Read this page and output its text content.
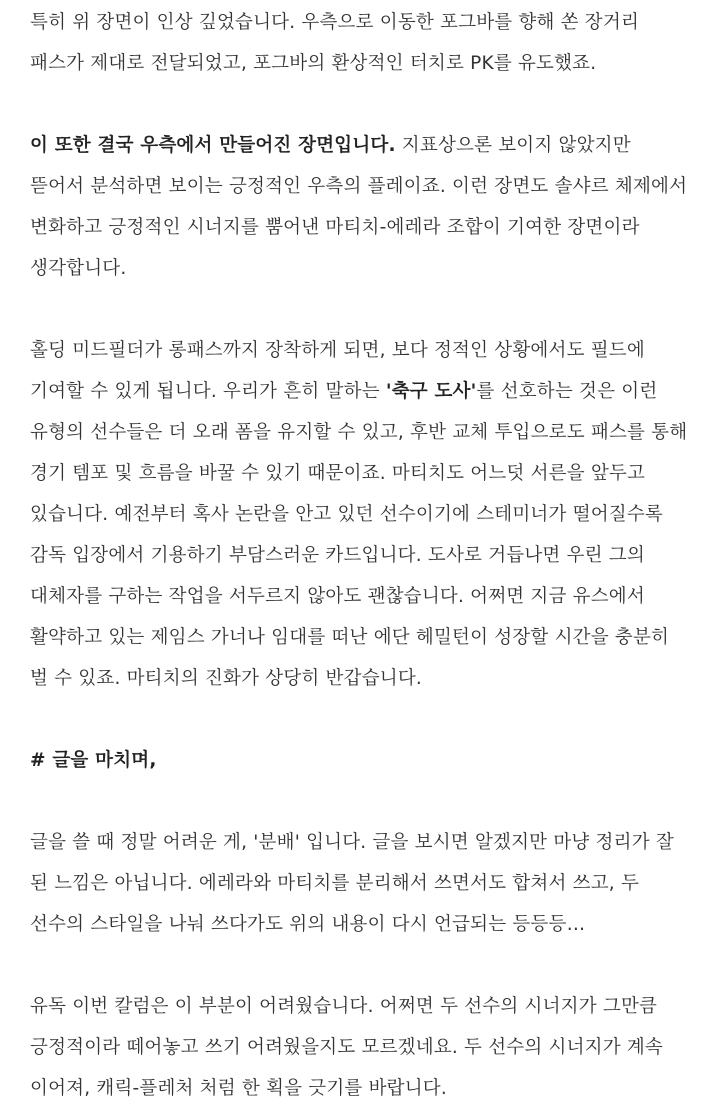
특히 위 장면이 인상 깊었습니다. 우측으로 이동한 포그바를 향해 쏜 장거리 패스가 제대로 전달되었고, 포그바의 환상적인 터치로 PK를 유도했죠.

이 또한 결국 우측에서 만들어진 장면입니다. 지표상으론 보이지 않았지만 뜯어서 분석하면 보이는 긍정적인 우측의 플레이죠. 이런 장면도 솔샤르 체제에서 변화하고 긍정적인 시너지를 뿜어낸 마티치-에레라 조합이 기여한 장면이라 생각합니다.

홀딩 미드필더가 롱패스까지 장착하게 되면, 보다 정적인 상황에서도 필드에 기여할 수 있게 됩니다. 우리가 흔히 말하는 '축구 도사'를 선호하는 것은 이런 유형의 선수들은 더 오래 폼을 유지할 수 있고, 후반 교체 투입으로도 패스를 통해 경기 템포 및 흐름을 바꿀 수 있기 때문이죠. 마티치도 어느덧 서른을 앞두고 있습니다. 예전부터 혹사 논란을 안고 있던 선수이기에 스테미너가 떨어질수록 감독 입장에서 기용하기 부담스러운 카드입니다. 도사로 거듭나면 우린 그의 대체자를 구하는 작업을 서두르지 않아도 괜찮습니다. 어쩌면 지금 유스에서 활약하고 있는 제임스 가너나 임대를 떠난 에단 헤밀턴이 성장할 시간을 충분히 벌 수 있죠. 마티치의 진화가 상당히 반갑습니다.

# 글을 마치며,

글을 쓸 때 정말 어려운 게, '분배' 입니다. 글을 보시면 알겠지만 마냥 정리가 잘 된 느낌은 아닙니다. 에레라와 마티치를 분리해서 쓰면서도 합쳐서 쓰고, 두 선수의 스타일을 나눠 쓰다가도 위의 내용이 다시 언급되는 등등등…

유독 이번 칼럼은 이 부분이 어려웠습니다. 어쩌면 두 선수의 시너지가 그만큼 긍정적이라 떼어놓고 쓰기 어려웠을지도 모르겠네요. 두 선수의 시너지가 계속 이어져, 캐릭-플레처 처럼 한 획을 긋기를 바랍니다.
